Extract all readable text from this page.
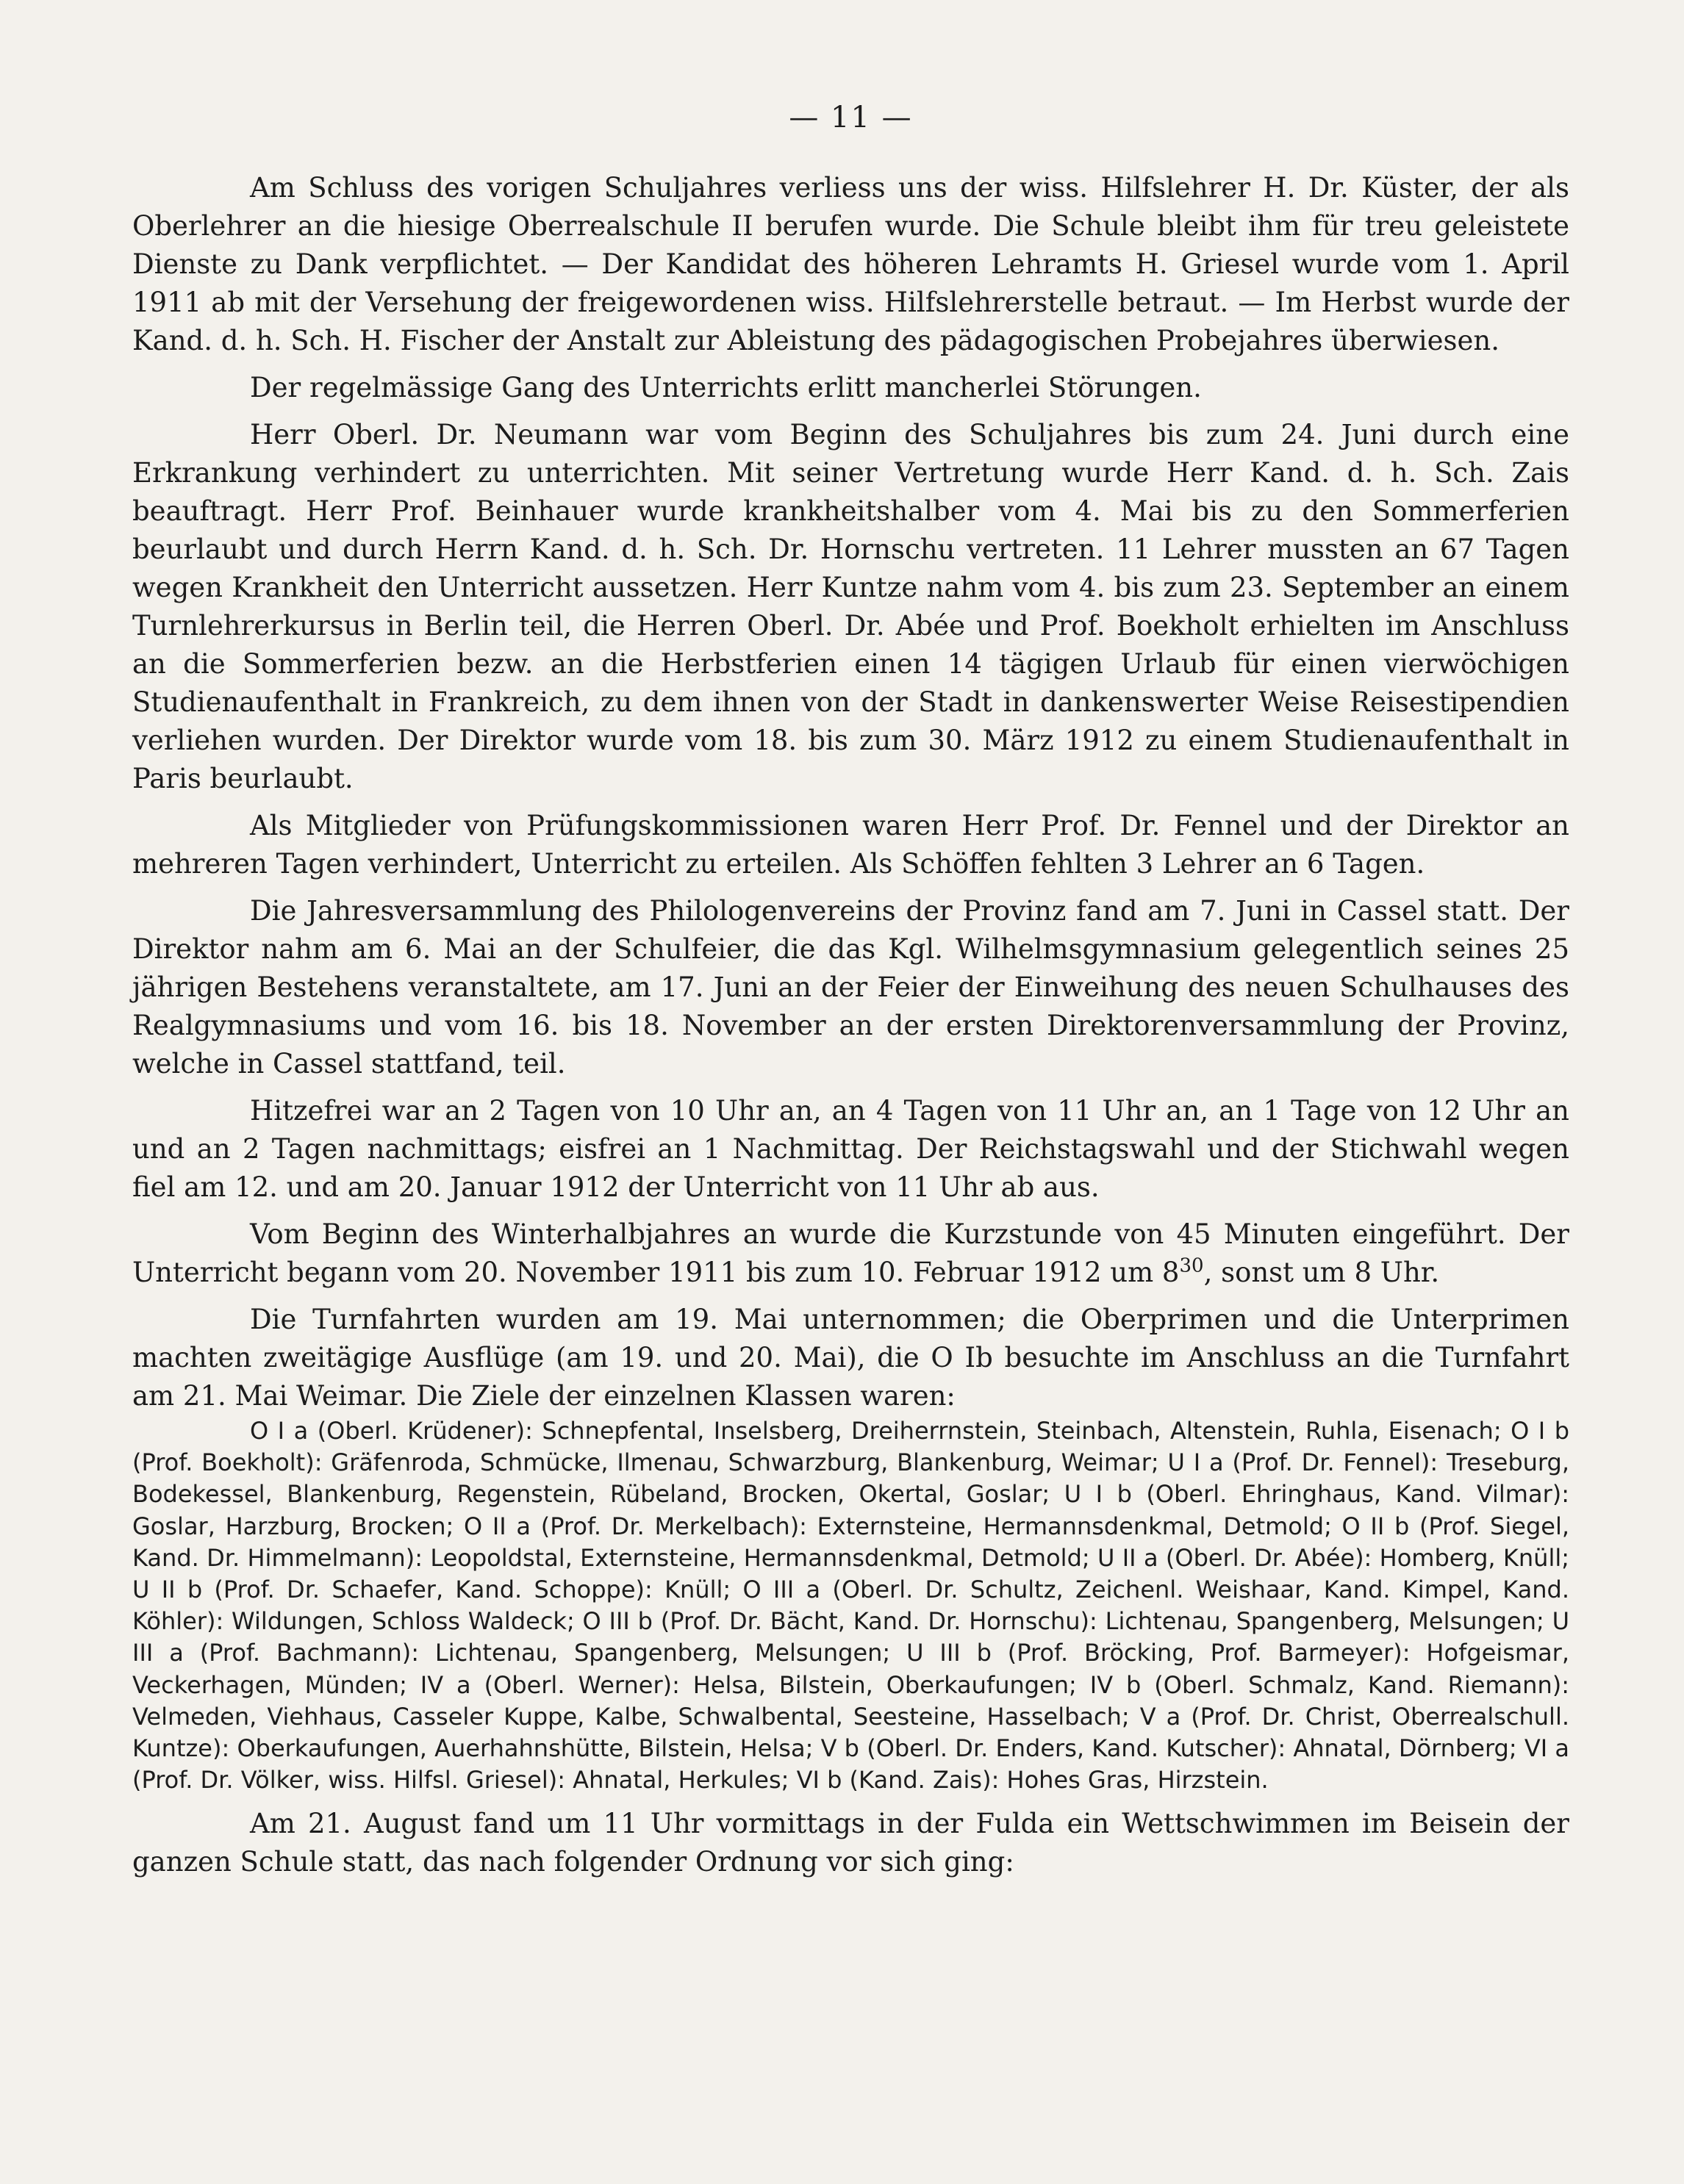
— 11 —

Am Schluss des vorigen Schuljahres verliess uns der wiss. Hilfslehrer H. Dr. Küster, der als Oberlehrer an die hiesige Oberrealschule II berufen wurde. Die Schule bleibt ihm für treu geleistete Dienste zu Dank verpflichtet. — Der Kandidat des höheren Lehramts H. Griesel wurde vom 1. April 1911 ab mit der Versehung der freigewordenen wiss. Hilfslehrerstelle betraut. — Im Herbst wurde der Kand. d. h. Sch. H. Fischer der Anstalt zur Ableistung des pädagogischen Probejahres überwiesen.

Der regelmässige Gang des Unterrichts erlitt mancherlei Störungen.

Herr Oberl. Dr. Neumann war vom Beginn des Schuljahres bis zum 24. Juni durch eine Erkrankung verhindert zu unterrichten. Mit seiner Vertretung wurde Herr Kand. d. h. Sch. Zais beauftragt. Herr Prof. Beinhauer wurde krankheitshalber vom 4. Mai bis zu den Sommerferien beurlaubt und durch Herrn Kand. d. h. Sch. Dr. Hornschu vertreten. 11 Lehrer mussten an 67 Tagen wegen Krankheit den Unterricht aussetzen. Herr Kuntze nahm vom 4. bis zum 23. September an einem Turnlehrerkursus in Berlin teil, die Herren Oberl. Dr. Abée und Prof. Boekholt erhielten im Anschluss an die Sommerferien bezw. an die Herbstferien einen 14 tägigen Urlaub für einen vierwöchigen Studienaufenthalt in Frankreich, zu dem ihnen von der Stadt in dankenswerter Weise Reisestipendien verliehen wurden. Der Direktor wurde vom 18. bis zum 30. März 1912 zu einem Studienaufenthalt in Paris beurlaubt.

Als Mitglieder von Prüfungskommissionen waren Herr Prof. Dr. Fennel und der Direktor an mehreren Tagen verhindert, Unterricht zu erteilen. Als Schöffen fehlten 3 Lehrer an 6 Tagen.

Die Jahresversammlung des Philologenvereins der Provinz fand am 7. Juni in Cassel statt. Der Direktor nahm am 6. Mai an der Schulfeier, die das Kgl. Wilhelmsgymnasium gelegentlich seines 25 jährigen Bestehens veranstaltete, am 17. Juni an der Feier der Einweihung des neuen Schulhauses des Realgymnasiums und vom 16. bis 18. November an der ersten Direktorenversammlung der Provinz, welche in Cassel stattfand, teil.

Hitzefrei war an 2 Tagen von 10 Uhr an, an 4 Tagen von 11 Uhr an, an 1 Tage von 12 Uhr an und an 2 Tagen nachmittags; eisfrei an 1 Nachmittag. Der Reichstagswahl und der Stichwahl wegen fiel am 12. und am 20. Januar 1912 der Unterricht von 11 Uhr ab aus.

Vom Beginn des Winterhalbjahres an wurde die Kurzstunde von 45 Minuten eingeführt. Der Unterricht begann vom 20. November 1911 bis zum 10. Februar 1912 um $8^{30}$, sonst um 8 Uhr.

Die Turnfahrten wurden am 19. Mai unternommen; die Oberprimen und die Unterprimen machten zweitägige Ausflüge (am 19. und 20. Mai), die O Ib besuchte im Anschluss an die Turnfahrt am 21. Mai Weimar. Die Ziele der einzelnen Klassen waren:

O I a (Oberl. Krüdener): Schnepfental, Inselsberg, Dreiherrnstein, Steinbach, Altenstein, Ruhla, Eisenach; O I b (Prof. Boekholt): Gräfenroda, Schmücke, Ilmenau, Schwarzburg, Blankenburg, Weimar; U I a (Prof. Dr. Fennel): Treseburg, Bodekessel, Blankenburg, Regenstein, Rübeland, Brocken, Okertal, Goslar; U I b (Oberl. Ehringhaus, Kand. Vilmar): Goslar, Harzburg, Brocken; O II a (Prof. Dr. Merkelbach): Externsteine, Hermannsdenkmal, Detmold; O II b (Prof. Siegel, Kand. Dr. Himmelmann): Leopoldstal, Externsteine, Hermannsdenkmal, Detmold; U II a (Oberl. Dr. Abée): Homberg, Knüll; U II b (Prof. Dr. Schaefer, Kand. Schoppe): Knüll; O III a (Oberl. Dr. Schultz, Zeichenl. Weishaar, Kand. Kimpel, Kand. Köhler): Wildungen, Schloss Waldeck; O III b (Prof. Dr. Bächt, Kand. Dr. Hornschu): Lichtenau, Spangenberg, Melsungen; U III a (Prof. Bachmann): Lichtenau, Spangenberg, Melsungen; U III b (Prof. Bröcking, Prof. Barmeyer): Hofgeismar, Veckerhagen, Münden; IV a (Oberl. Werner): Helsa, Bilstein, Oberkaufungen; IV b (Oberl. Schmalz, Kand. Riemann): Velmeden, Viehhaus, Casseler Kuppe, Kalbe, Schwalbental, Seesteine, Hasselbach; V a (Prof. Dr. Christ, Oberrealschull. Kuntze): Oberkaufungen, Auerhahnshütte, Bilstein, Helsa; V b (Oberl. Dr. Enders, Kand. Kutscher): Ahnatal, Dörnberg; VI a (Prof. Dr. Völker, wiss. Hilfsl. Griesel): Ahnatal, Herkules; VI b (Kand. Zais): Hohes Gras, Hirzstein.

Am 21. August fand um 11 Uhr vormittags in der Fulda ein Wettschwimmen im Beisein der ganzen Schule statt, das nach folgender Ordnung vor sich ging:
